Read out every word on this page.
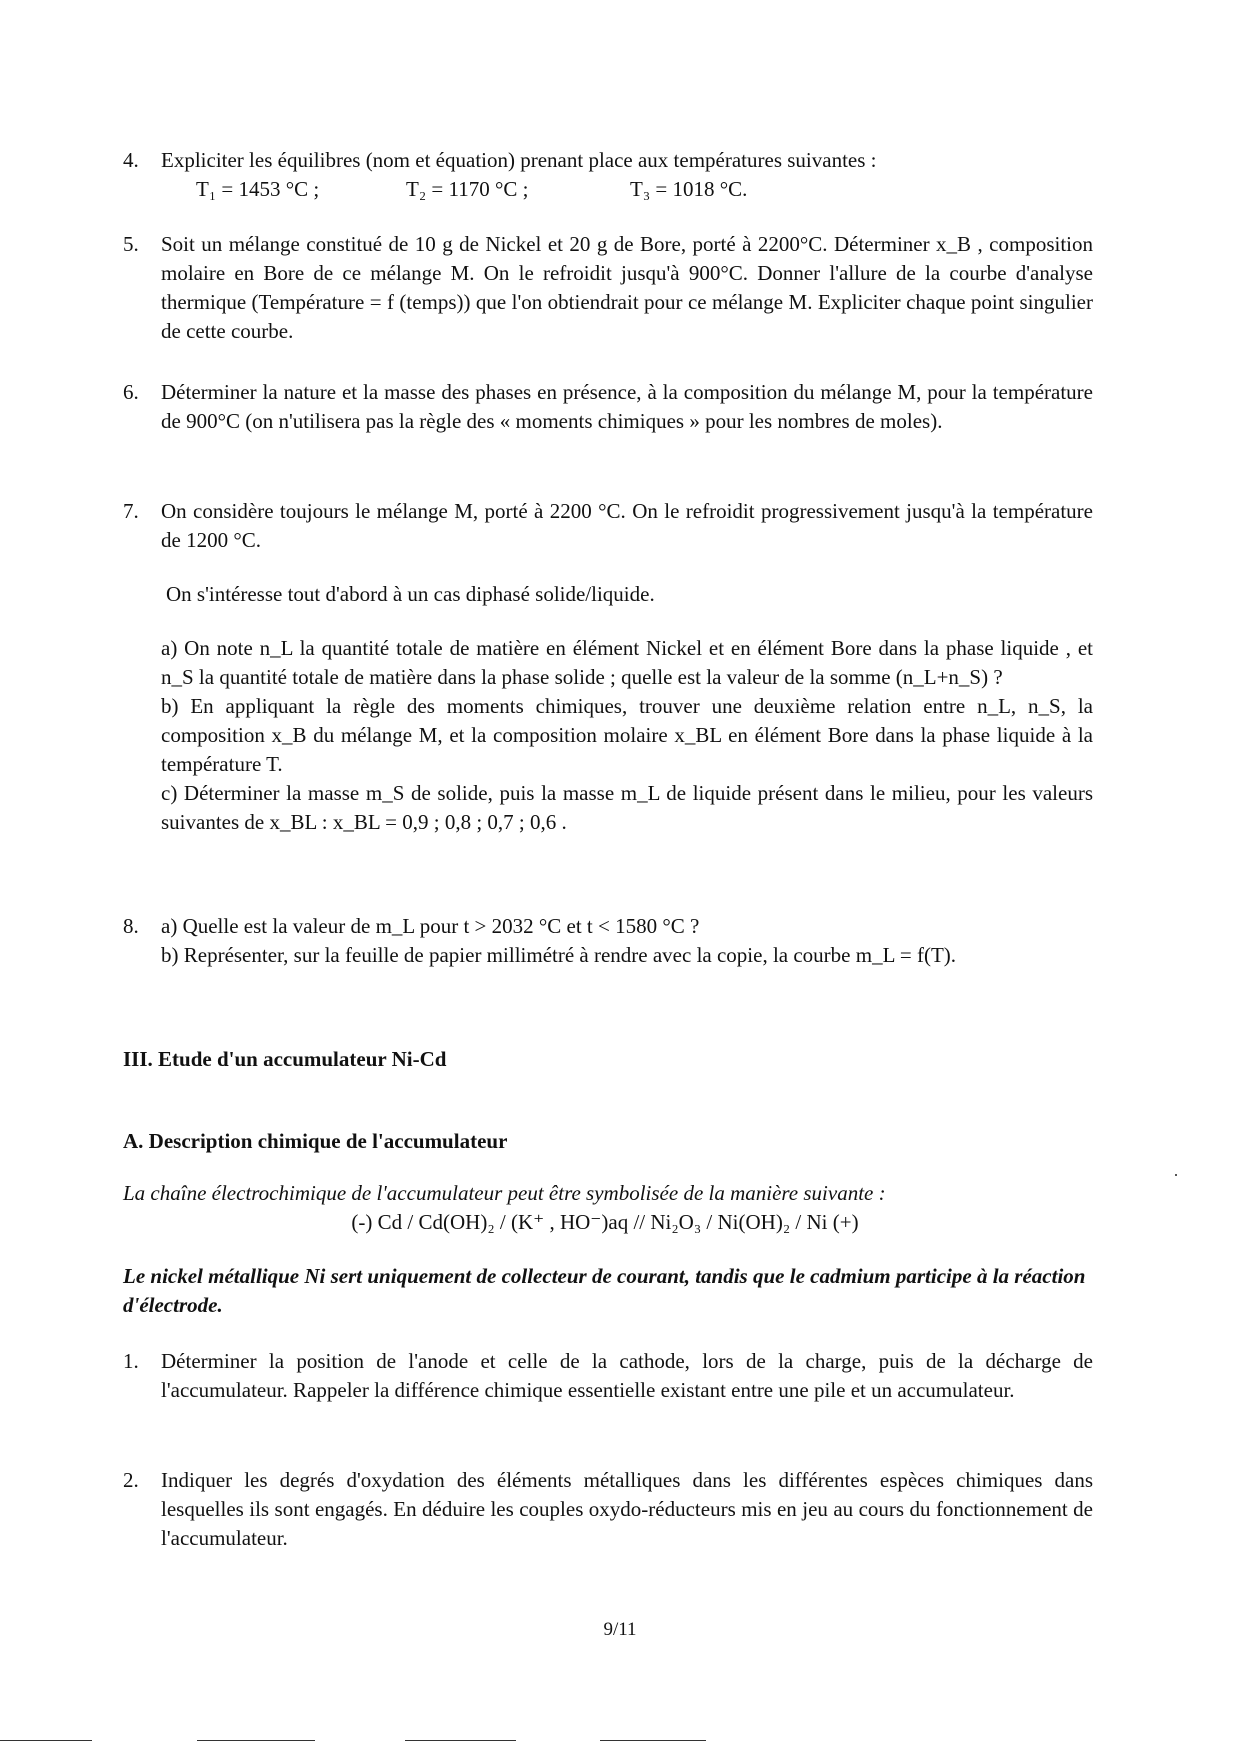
4.	Expliciter les équilibres (nom et équation) prenant place aux températures suivantes :
T₁ = 1453 °C ;	T₂ = 1170 °C ;	T₃ = 1018 °C.
5.	Soit un mélange constitué de 10 g de Nickel et 20 g de Bore, porté à 2200°C. Déterminer x_B , composition molaire en Bore de ce mélange M. On le refroidit jusqu'à 900°C. Donner l'allure de la courbe d'analyse thermique (Température = f (temps)) que l'on obtiendrait pour ce mélange M. Expliciter chaque point singulier de cette courbe.
6.	Déterminer la nature et la masse des phases en présence, à la composition du mélange M, pour la température de 900°C (on n'utilisera pas la règle des « moments chimiques » pour les nombres de moles).
7.	On considère toujours le mélange M, porté à 2200 °C. On le refroidit progressivement jusqu'à la température de 1200 °C.
On s'intéresse tout d'abord à un cas diphasé solide/liquide.
a) On note n_L la quantité totale de matière en élément Nickel et en élément Bore dans la phase liquide , et n_S la quantité totale de matière dans la phase solide ; quelle est la valeur de la somme (n_L+n_S) ?
b) En appliquant la règle des moments chimiques, trouver une deuxième relation entre n_L, n_S, la composition x_B du mélange M, et la composition molaire x_BL en élément Bore dans la phase liquide à la température T.
c) Déterminer la masse m_S de solide, puis la masse m_L de liquide présent dans le milieu, pour les valeurs suivantes de x_BL : x_BL = 0,9 ; 0,8 ; 0,7 ; 0,6 .
8.	a) Quelle est la valeur de m_L pour t > 2032 °C et t < 1580 °C ?
b) Représenter, sur la feuille de papier millimétré à rendre avec la copie, la courbe m_L = f(T).
III. Etude d'un accumulateur Ni-Cd
A. Description chimique de l'accumulateur
La chaîne électrochimique de l'accumulateur peut être symbolisée de la manière suivante :
(-) Cd / Cd(OH)₂ / (K⁺ , HO⁻)aq // Ni₂O₃ / Ni(OH)₂ / Ni (+)
Le nickel métallique Ni sert uniquement de collecteur de courant, tandis que le cadmium participe à la réaction d'électrode.
1.	Déterminer la position de l'anode et celle de la cathode, lors de la charge, puis de la décharge de l'accumulateur. Rappeler la différence chimique essentielle existant entre une pile et un accumulateur.
2.	Indiquer les degrés d'oxydation des éléments métalliques dans les différentes espèces chimiques dans lesquelles ils sont engagés. En déduire les couples oxydo-réducteurs mis en jeu au cours du fonctionnement de l'accumulateur.
9/11
